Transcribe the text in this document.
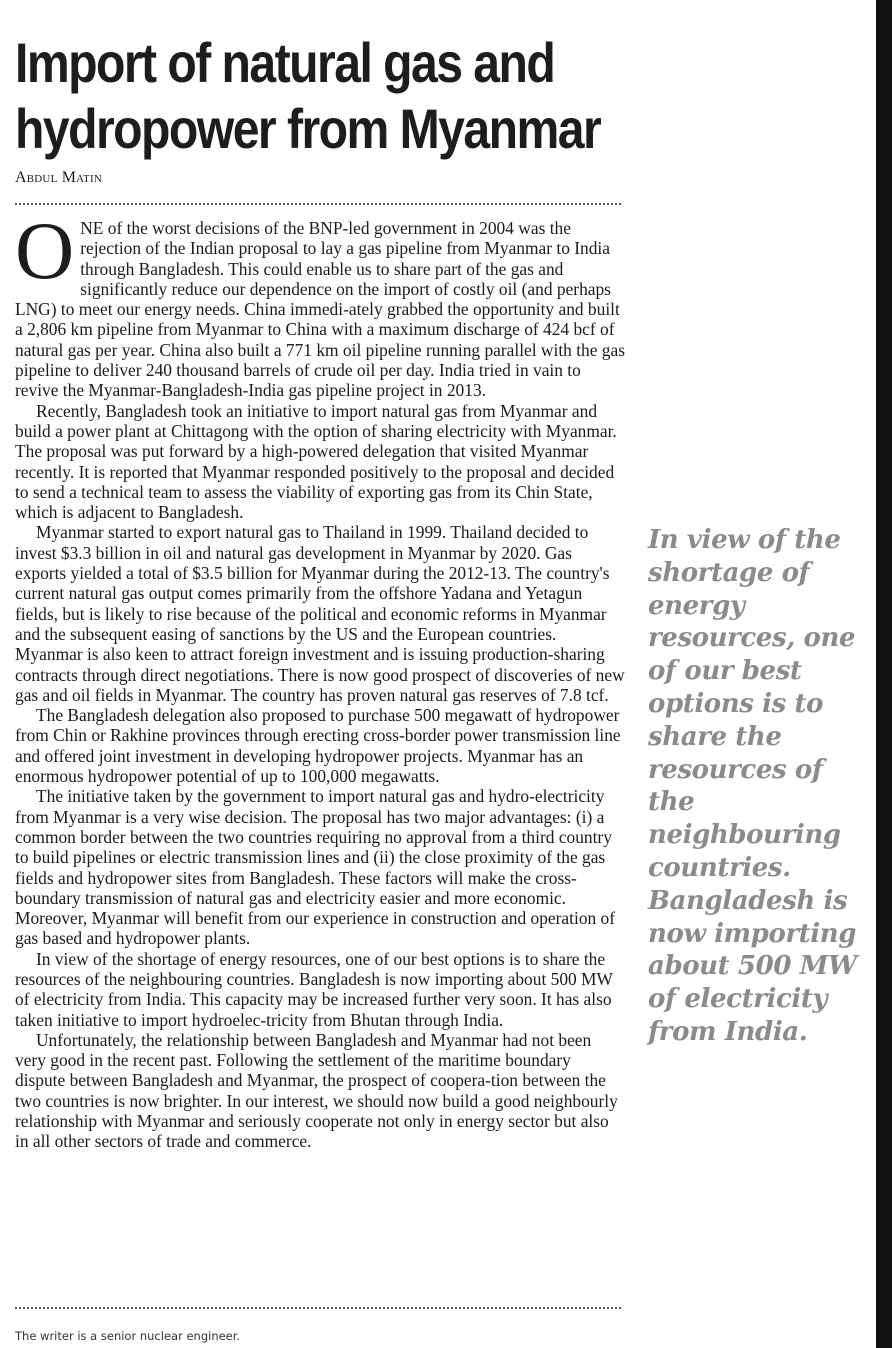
Import of natural gas and
hydropower from Myanmar
Abdul Matin

ONE of the worst decisions of the BNP-led government in 2004 was the rejection of the Indian proposal to lay a gas pipeline from Myanmar to India through Bangladesh. This could enable us to share part of the gas and significantly reduce our dependence on the import of costly oil (and perhaps LNG) to meet our energy needs. China immedi-ately grabbed the opportunity and built a 2,806 km pipeline from Myanmar to China with a maximum discharge of 424 bcf of natural gas per year. China also built a 771 km oil pipeline running parallel with the gas pipeline to deliver 240 thousand barrels of crude oil per day. India tried in vain to revive the Myanmar-Bangladesh-India gas pipeline project in 2013.

Recently, Bangladesh took an initiative to import natural gas from Myanmar and build a power plant at Chittagong with the option of sharing electricity with Myanmar. The proposal was put forward by a high-powered delegation that visited Myanmar recently. It is reported that Myanmar responded positively to the proposal and decided to send a technical team to assess the viability of exporting gas from its Chin State, which is adjacent to Bangladesh.

Myanmar started to export natural gas to Thailand in 1999. Thailand decided to invest $3.3 billion in oil and natural gas development in Myanmar by 2020. Gas exports yielded a total of $3.5 billion for Myanmar during the 2012-13. The country's current natural gas output comes primarily from the offshore Yadana and Yetagun fields, but is likely to rise because of the political and economic reforms in Myanmar and the subsequent easing of sanctions by the US and the European countries. Myanmar is also keen to attract foreign investment and is issuing production-sharing contracts through direct negotiations. There is now good prospect of discoveries of new gas and oil fields in Myanmar. The country has proven natural gas reserves of 7.8 tcf.

The Bangladesh delegation also proposed to purchase 500 megawatt of hydropower from Chin or Rakhine provinces through erecting cross-border power transmission line and offered joint investment in developing hydropower projects. Myanmar has an enormous hydropower potential of up to 100,000 megawatts.

The initiative taken by the government to import natural gas and hydro-electricity from Myanmar is a very wise decision. The proposal has two major advantages: (i) a common border between the two countries requiring no approval from a third country to build pipelines or electric transmission lines and (ii) the close proximity of the gas fields and hydropower sites from Bangladesh. These factors will make the cross-boundary transmission of natural gas and electricity easier and more economic. Moreover, Myanmar will benefit from our experience in construction and operation of gas based and hydropower plants.

In view of the shortage of energy resources, one of our best options is to share the resources of the neighbouring countries. Bangladesh is now importing about 500 MW of electricity from India. This capacity may be increased further very soon. It has also taken initiative to import hydroelec-tricity from Bhutan through India.

Unfortunately, the relationship between Bangladesh and Myanmar had not been very good in the recent past. Following the settlement of the maritime boundary dispute between Bangladesh and Myanmar, the prospect of coopera-tion between the two countries is now brighter. In our interest, we should now build a good neighbourly relationship with Myanmar and seriously cooperate not only in energy sector but also in all other sectors of trade and commerce.

In view of the shortage of energy resources, one of our best options is to share the resources of the neighbouring countries. Bangladesh is now importing about 500 MW of electricity from India.
The writer is a senior nuclear engineer.
